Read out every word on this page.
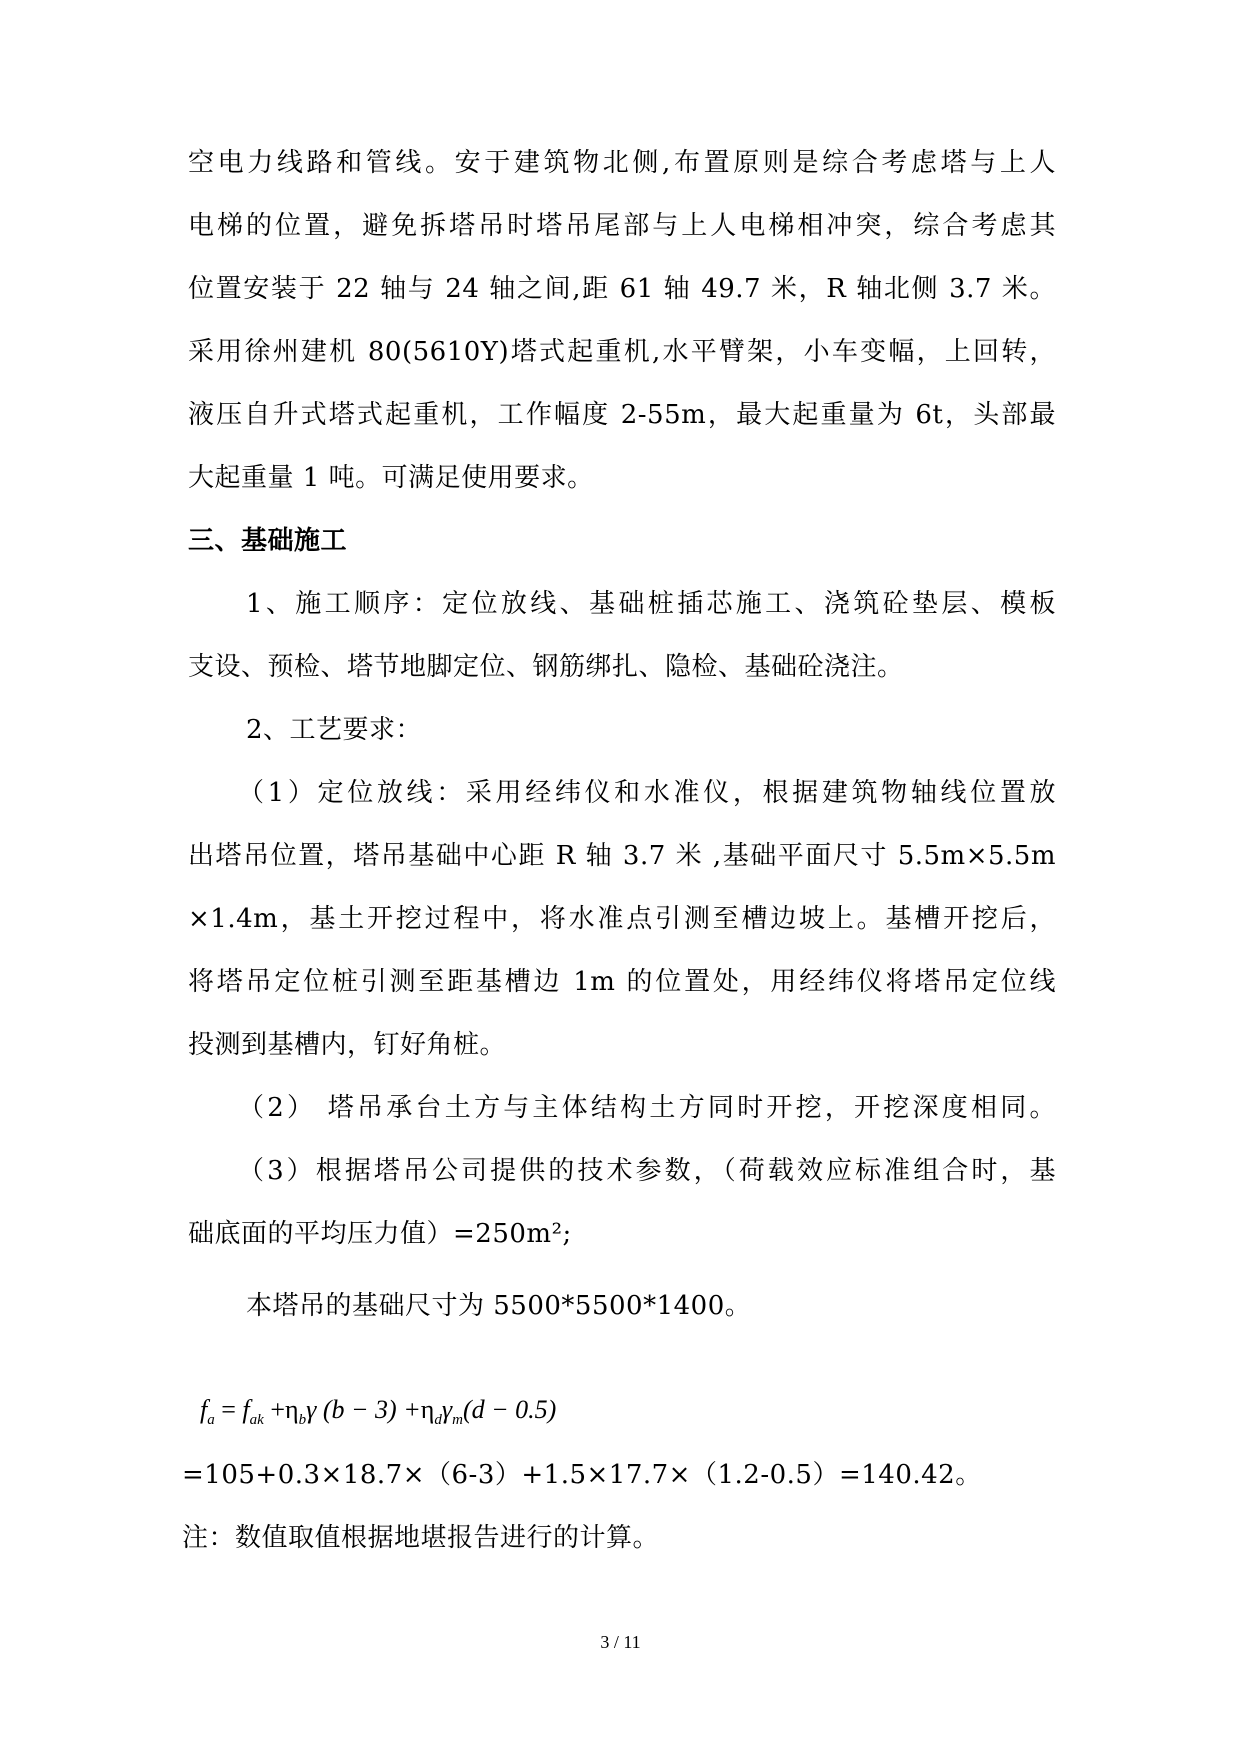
空电力线路和管线。安于建筑物北侧,布置原则是综合考虑塔与上人
电梯的位置，避免拆塔吊时塔吊尾部与上人电梯相冲突，综合考虑其
位置安装于 22 轴与 24 轴之间,距 61 轴 49.7 米，R 轴北侧 3.7 米。
采用徐州建机 80(5610Y)塔式起重机,水平臂架，小车变幅，上回转，
液压自升式塔式起重机，工作幅度 2-55m，最大起重量为 6t，头部最
大起重量 1 吨。可满足使用要求。
三、基础施工
1、施工顺序：定位放线、基础桩插芯施工、浇筑砼垫层、模板
支设、预检、塔节地脚定位、钢筋绑扎、隐检、基础砼浇注。
2、工艺要求：
（1）定位放线：采用经纬仪和水准仪，根据建筑物轴线位置放
出塔吊位置，塔吊基础中心距 R 轴 3.7 米 ,基础平面尺寸 5.5m×5.5m
×1.4m，基土开挖过程中，将水准点引测至槽边坡上。基槽开挖后，
将塔吊定位桩引测至距基槽边 1m 的位置处，用经纬仪将塔吊定位线
投测到基槽内，钉好角桩。
（2） 塔吊承台土方与主体结构土方同时开挖，开挖深度相同。
（3）根据塔吊公司提供的技术参数，（荷载效应标准组合时，基
础底面的平均压力值）=250m²;
本塔吊的基础尺寸为 5500*5500*1400。
$f_a = f_{ak} +\eta_b\gamma$ $(b - 3) +\eta_d\gamma_m(d - 0.5)$
=105+0.3×18.7×（6-3）+1.5×17.7×（1.2-0.5）=140.42。
注：数值取值根据地堪报告进行的计算。
3 / 11
